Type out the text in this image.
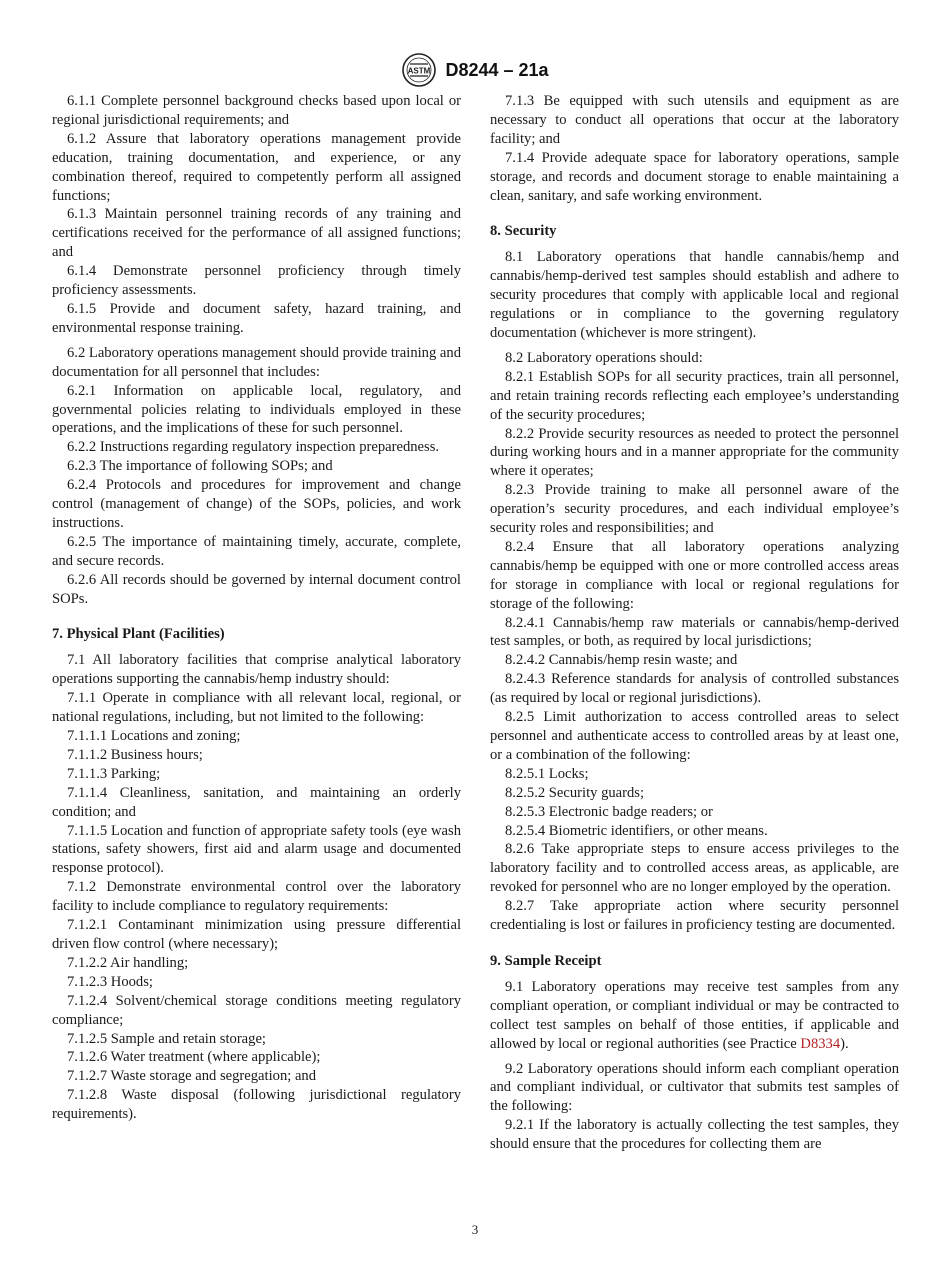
ASTM D8244 – 21a

6.1.1 Complete personnel background checks based upon local or regional jurisdictional requirements; and

6.1.2 Assure that laboratory operations management provide education, training documentation, and experience, or any combination thereof, required to competently perform all assigned functions;

6.1.3 Maintain personnel training records of any training and certifications received for the performance of all assigned functions; and

6.1.4 Demonstrate personnel proficiency through timely proficiency assessments.

6.1.5 Provide and document safety, hazard training, and environmental response training.

6.2 Laboratory operations management should provide training and documentation for all personnel that includes:

6.2.1 Information on applicable local, regulatory, and governmental policies relating to individuals employed in these operations, and the implications of these for such personnel.

6.2.2 Instructions regarding regulatory inspection preparedness.

6.2.3 The importance of following SOPs; and

6.2.4 Protocols and procedures for improvement and change control (management of change) of the SOPs, policies, and work instructions.

6.2.5 The importance of maintaining timely, accurate, complete, and secure records.

6.2.6 All records should be governed by internal document control SOPs.

7. Physical Plant (Facilities)

7.1 All laboratory facilities that comprise analytical laboratory operations supporting the cannabis/hemp industry should:

7.1.1 Operate in compliance with all relevant local, regional, or national regulations, including, but not limited to the following:

7.1.1.1 Locations and zoning;

7.1.1.2 Business hours;

7.1.1.3 Parking;

7.1.1.4 Cleanliness, sanitation, and maintaining an orderly condition; and

7.1.1.5 Location and function of appropriate safety tools (eye wash stations, safety showers, first aid and alarm usage and documented response protocol).

7.1.2 Demonstrate environmental control over the laboratory facility to include compliance to regulatory requirements:

7.1.2.1 Contaminant minimization using pressure differential driven flow control (where necessary);

7.1.2.2 Air handling;

7.1.2.3 Hoods;

7.1.2.4 Solvent/chemical storage conditions meeting regulatory compliance;

7.1.2.5 Sample and retain storage;

7.1.2.6 Water treatment (where applicable);

7.1.2.7 Waste storage and segregation; and

7.1.2.8 Waste disposal (following jurisdictional regulatory requirements).

7.1.3 Be equipped with such utensils and equipment as are necessary to conduct all operations that occur at the laboratory facility; and

7.1.4 Provide adequate space for laboratory operations, sample storage, and records and document storage to enable maintaining a clean, sanitary, and safe working environment.

8. Security

8.1 Laboratory operations that handle cannabis/hemp and cannabis/hemp-derived test samples should establish and adhere to security procedures that comply with applicable local and regional regulations or in compliance to the governing regulatory documentation (whichever is more stringent).

8.2 Laboratory operations should:

8.2.1 Establish SOPs for all security practices, train all personnel, and retain training records reflecting each employee’s understanding of the security procedures;

8.2.2 Provide security resources as needed to protect the personnel during working hours and in a manner appropriate for the community where it operates;

8.2.3 Provide training to make all personnel aware of the operation’s security procedures, and each individual employee’s security roles and responsibilities; and

8.2.4 Ensure that all laboratory operations analyzing cannabis/hemp be equipped with one or more controlled access areas for storage in compliance with local or regional regulations for storage of the following:

8.2.4.1 Cannabis/hemp raw materials or cannabis/hemp-derived test samples, or both, as required by local jurisdictions;

8.2.4.2 Cannabis/hemp resin waste; and

8.2.4.3 Reference standards for analysis of controlled substances (as required by local or regional jurisdictions).

8.2.5 Limit authorization to access controlled areas to select personnel and authenticate access to controlled areas by at least one, or a combination of the following:

8.2.5.1 Locks;

8.2.5.2 Security guards;

8.2.5.3 Electronic badge readers; or

8.2.5.4 Biometric identifiers, or other means.

8.2.6 Take appropriate steps to ensure access privileges to the laboratory facility and to controlled access areas, as applicable, are revoked for personnel who are no longer employed by the operation.

8.2.7 Take appropriate action where security personnel credentialing is lost or failures in proficiency testing are documented.

9. Sample Receipt

9.1 Laboratory operations may receive test samples from any compliant operation, or compliant individual or may be contracted to collect test samples on behalf of those entities, if applicable and allowed by local or regional authorities (see Practice D8334).

9.2 Laboratory operations should inform each compliant operation and compliant individual, or cultivator that submits test samples of the following:

9.2.1 If the laboratory is actually collecting the test samples, they should ensure that the procedures for collecting them are

3
